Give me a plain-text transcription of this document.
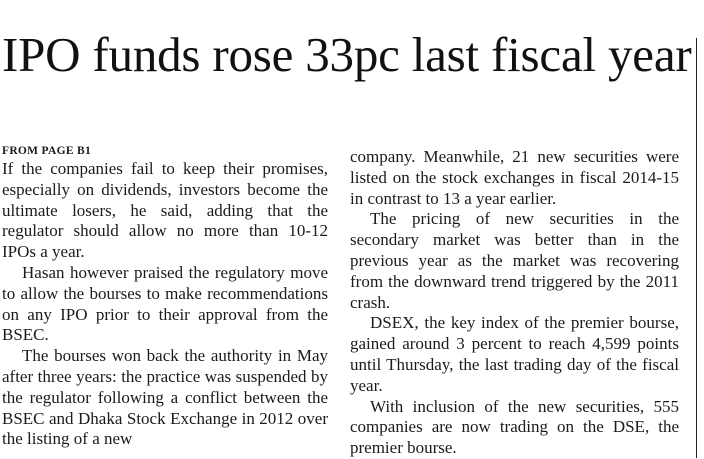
IPO funds rose 33pc last fiscal year
FROM PAGE B1

If the companies fail to keep their promises, especially on dividends, investors become the ultimate losers, he said, adding that the regulator should allow no more than 10-12 IPOs a year.

Hasan however praised the regulatory move to allow the bourses to make recommendations on any IPO prior to their approval from the BSEC.

The bourses won back the authority in May after three years: the practice was suspended by the regulator following a conflict between the BSEC and Dhaka Stock Exchange in 2012 over the listing of a new

company. Meanwhile, 21 new securities were listed on the stock exchanges in fiscal 2014-15 in contrast to 13 a year earlier.

The pricing of new securities in the secondary market was better than in the previous year as the market was recovering from the downward trend triggered by the 2011 crash.

DSEX, the key index of the premier bourse, gained around 3 percent to reach 4,599 points until Thursday, the last trading day of the fiscal year.

With inclusion of the new securities, 555 companies are now trading on the DSE, the premier bourse.
